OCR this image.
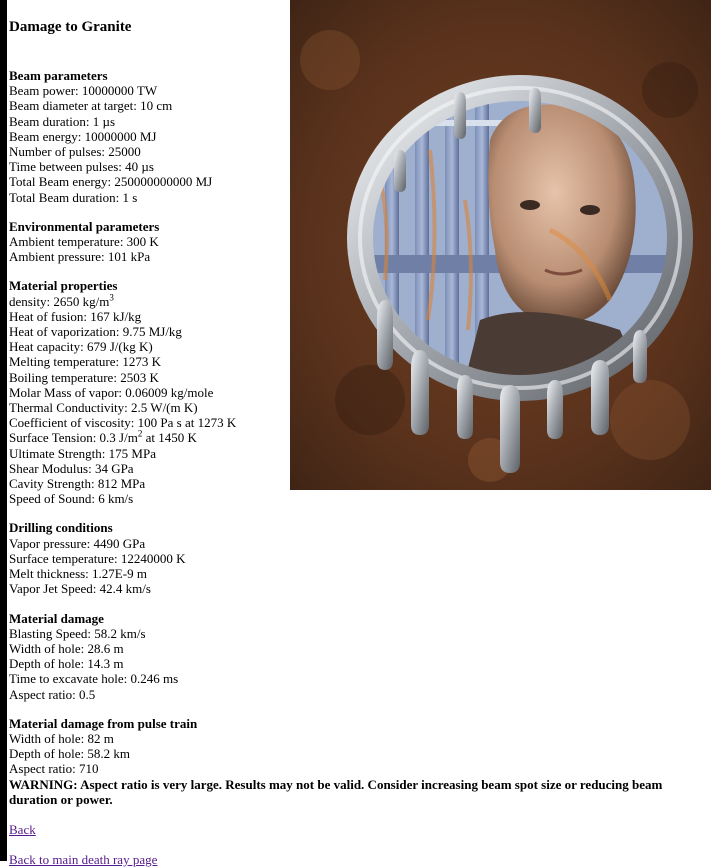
Damage to Granite
Beam parameters
Beam power: 10000000 TW
Beam diameter at target: 10 cm
Beam duration: 1 µs
Beam energy: 10000000 MJ
Number of pulses: 25000
Time between pulses: 40 µs
Total Beam energy: 250000000000 MJ
Total Beam duration: 1 s
Environmental parameters
Ambient temperature: 300 K
Ambient pressure: 101 kPa
Material properties
density: 2650 $kg/m^3$
Heat of fusion: 167 kJ/kg
Heat of vaporization: 9.75 MJ/kg
Heat capacity: 679 J/(kg K)
Melting temperature: 1273 K
Boiling temperature: 2503 K
Molar Mass of vapor: 0.06009 kg/mole
Thermal Conductivity: 2.5 W/(m K)
Coefficient of viscosity: 100 Pa s at 1273 K
Surface Tension: 0.3 $J/m^2$ at 1450 K
Ultimate Strength: 175 MPa
Shear Modulus: 34 GPa
Cavity Strength: 812 MPa
Speed of Sound: 6 km/s
Drilling conditions
Vapor pressure: 4490 GPa
Surface temperature: 12240000 K
Melt thickness: 1.27E-9 m
Vapor Jet Speed: 42.4 km/s
Material damage
Blasting Speed: 58.2 km/s
Width of hole: 28.6 m
Depth of hole: 14.3 m
Time to excavate hole: 0.246 ms
Aspect ratio: 0.5
Material damage from pulse train
Width of hole: 82 m
Depth of hole: 58.2 km
Aspect ratio: 710
WARNING: Aspect ratio is very large. Results may not be valid. Consider increasing beam spot size or reducing beam duration or power.
Back
Back to main death ray page
